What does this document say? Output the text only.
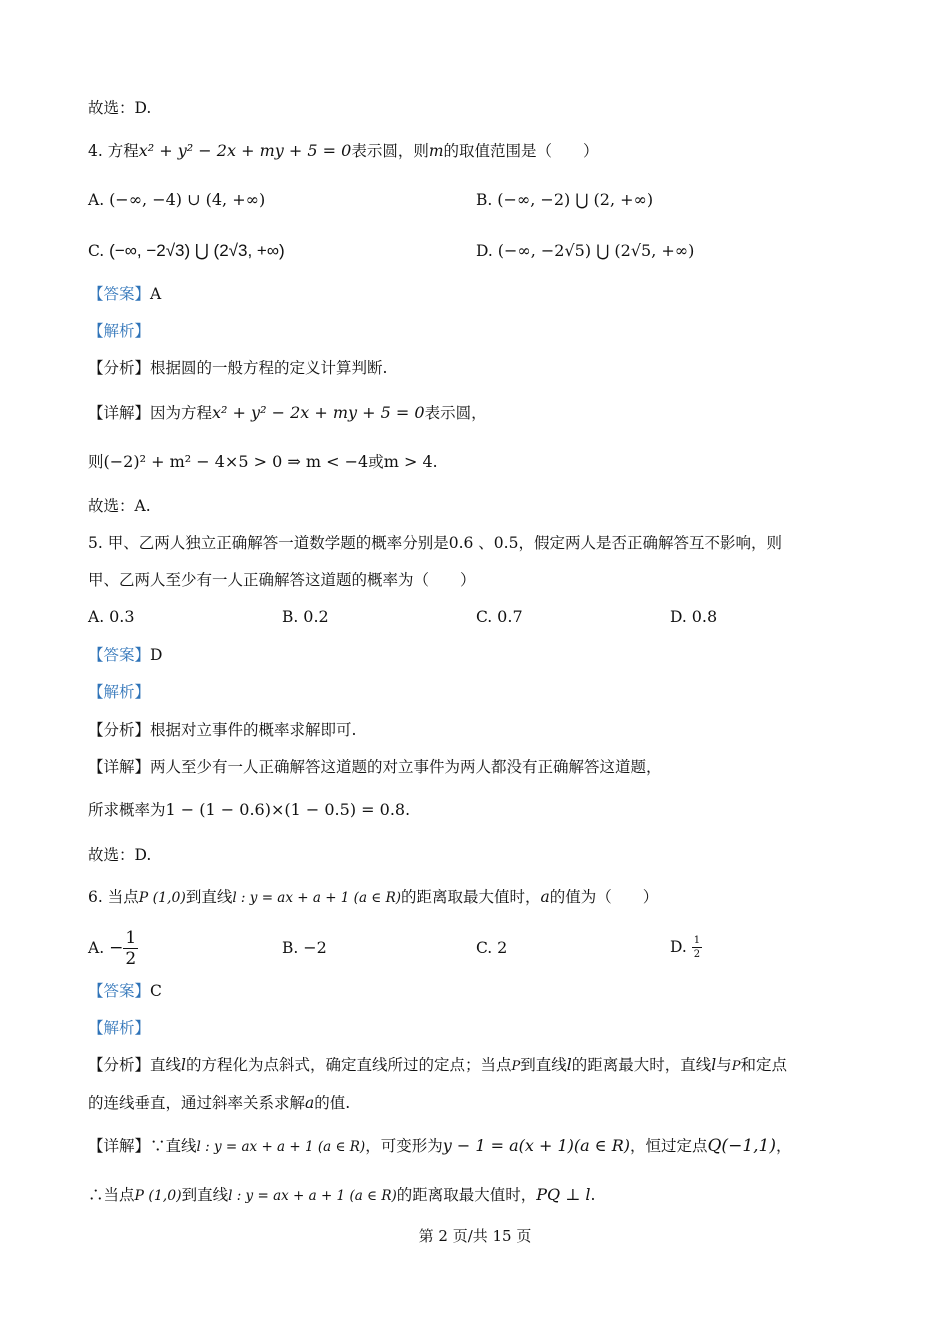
故选：D.
4. 方程x² + y² − 2x + my + 5 = 0表示圆，则m的取值范围是（　　）
A. (−∞, −4) ∪ (4, +∞)	B. (−∞, −2) ⋃ (2, +∞)
C. (−∞, −2√3) ⋃ (2√3, +∞)	D. (−∞, −2√5) ⋃ (2√5, +∞)
【答案】A
【解析】
【分析】根据圆的一般方程的定义计算判断.
【详解】因为方程x² + y² − 2x + my + 5 = 0表示圆，
则(−2)² + m² − 4×5 > 0 ⇒ m < −4或m > 4.
故选：A.
5. 甲、乙两人独立正确解答一道数学题的概率分别是0.6 、0.5，假定两人是否正确解答互不影响，则
甲、乙两人至少有一人正确解答这道题的概率为（　　）
A. 0.3	B. 0.2	C. 0.7	D. 0.8
【答案】D
【解析】
【分析】根据对立事件的概率求解即可.
【详解】两人至少有一人正确解答这道题的对立事件为两人都没有正确解答这道题，
所求概率为1 − (1 − 0.6)×(1 − 0.5) = 0.8.
故选：D.
6. 当点P (1,0)到直线l : y = ax + a + 1 (a ∈ R)的距离取最大值时，a的值为（　　）
A. − $\frac{1}{2}$	B. −2	C. 2	D. $\frac{1}{2}$
【答案】C
【解析】
【分析】直线l的方程化为点斜式，确定直线所过的定点；当点P到直线l的距离最大时，直线l与P和定点
的连线垂直，通过斜率关系求解a的值.
【详解】∵直线l : y = ax + a + 1 (a ∈ R)，可变形为y − 1 = a(x + 1)(a ∈ R)，恒过定点Q(−1,1)，
∴当点P (1,0)到直线l : y = ax + a + 1 (a ∈ R)的距离取最大值时，PQ ⊥ l.
第 2 页/共 15 页
